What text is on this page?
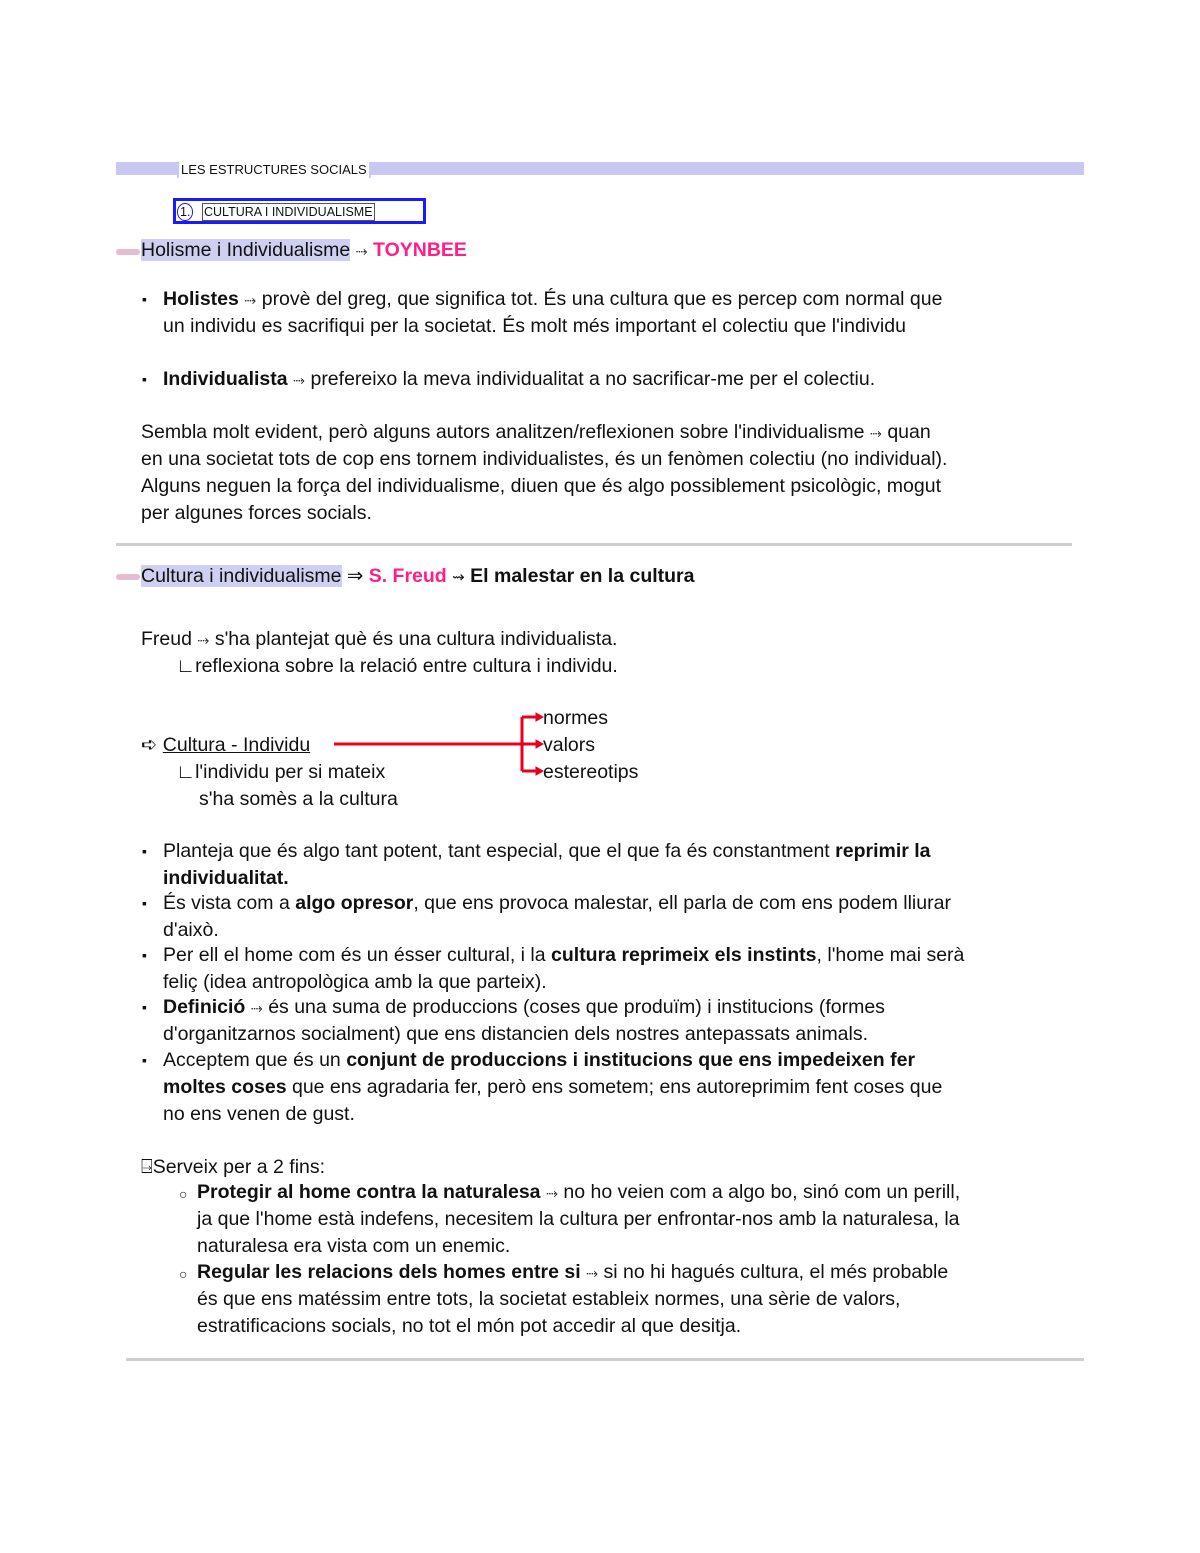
LES ESTRUCTURES SOCIALS
1. CULTURA I INDIVIDUALISME
Holisme i Individualisme ⤑ TOYNBEE
▪ Holistes ⤑ provè del greg, que significa tot. És una cultura que es percep com normal que
un individu es sacrifiqui per la societat. És molt més important el colectiu que l'individu
▪ Individualista ⤑ prefereixo la meva individualitat a no sacrificar-me per el colectiu.
Sembla molt evident, però alguns autors analitzen/reflexionen sobre l'individualisme ⤑ quan
en una societat tots de cop ens tornem individualistes, és un fenòmen colectiu (no individual).
Alguns neguen la força del individualisme, diuen que és algo possiblement psicològic, mogut
per algunes forces socials.
Cultura i individualisme ⇒ S. Freud ⇝ El malestar en la cultura
Freud ⤑ s'ha plantejat què és una cultura individualista.
∟reflexiona sobre la relació entre cultura i individu.
normes
valors
estereotips
➪ Cultura - Individu
∟l'individu per si mateix
s'ha somès a la cultura
▪ Planteja que és algo tant potent, tant especial, que el que fa és constantment reprimir la
individualitat.
▪ És vista com a algo opresor, que ens provoca malestar, ell parla de com ens podem lliurar
d'això.
▪ Per ell el home com és un ésser cultural, i la cultura reprimeix els instints, l'home mai serà
feliç (idea antropològica amb la que parteix).
▪ Definició ⤑ és una suma de produccions (coses que produïm) i institucions (formes
d'organitzarnos socialment) que ens distancien dels nostres antepassats animals.
▪ Acceptem que és un conjunt de produccions i institucions que ens impedeixen fer
moltes coses que ens agradaria fer, però ens sometem; ens autoreprimim fent coses que
no ens venen de gust.
⍈Serveix per a 2 fins:
○ Protegir al home contra la naturalesa ⤑ no ho veien com a algo bo, sinó com un perill,
ja que l'home està indefens, necesitem la cultura per enfrontar-nos amb la naturalesa, la
naturalesa era vista com un enemic.
○ Regular les relacions dels homes entre si ⤑ si no hi hagués cultura, el més probable
és que ens matéssim entre tots, la societat estableix normes, una sèrie de valors,
estratificacions socials, no tot el món pot accedir al que desitja.
